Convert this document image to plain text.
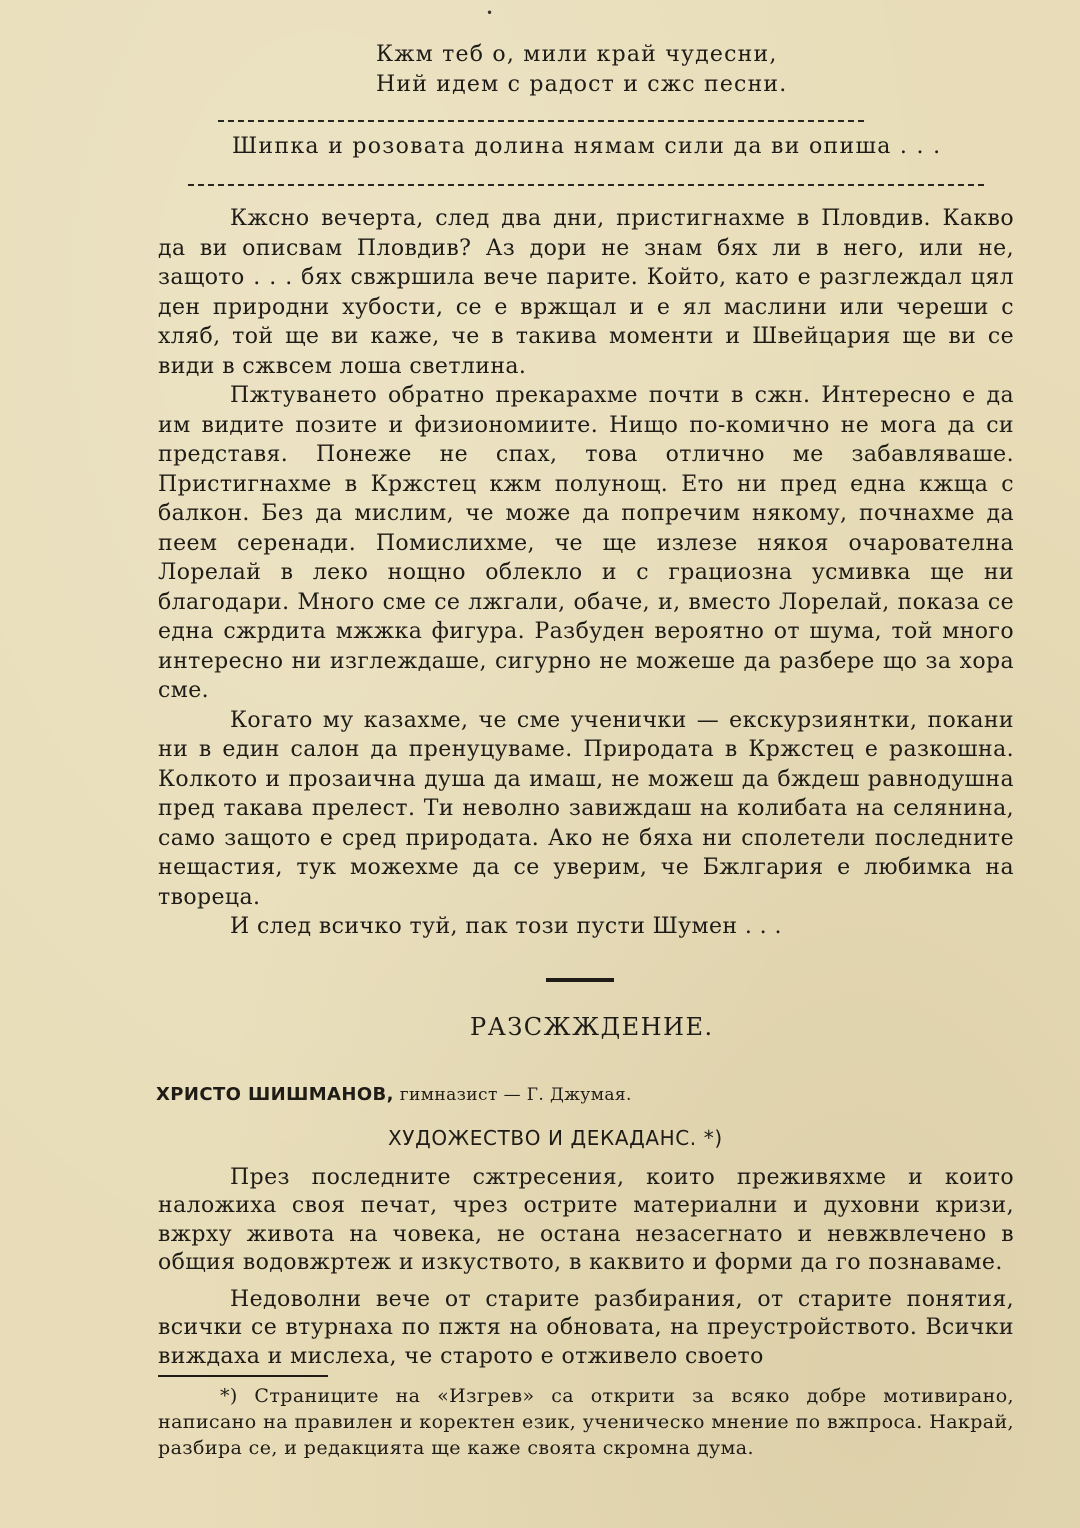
•
Кжм теб о, мили край чудесни,
Ний идем с радост и сжс песни.
Шипка и розовата долина нямам сили да ви опиша . . .

Кжсно вечерта, след два дни, пристигнахме в Пловдив. Какво да ви описвам Пловдив? Аз дори не знам бях ли в него, или не, защото . . . бях свжршила вече парите. Който, като е разглеждал цял ден природни хубости, се е вржщал и е ял маслини или череши с хляб, той ще ви каже, че в такива моменти и Швейцария ще ви се види в сжвсем лоша светлина.

Пжтуването обратно прекарахме почти в сжн. Интересно е да им видите позите и физиономиите. Нищо по-комично не мога да си представя. Понеже не спах, това отлично ме забавляваше. Пристигнахме в Кржстец кжм полунощ. Ето ни пред една кжща с балкон. Без да мислим, че може да попречим някому, почнахме да пеем серенади. Помислихме, че ще излезе някоя очарователна Лорелай в леко нощно облекло и с грациозна усмивка ще ни благодари. Много сме се лжгали, обаче, и, вместо Лорелай, показа се една сжрдита мжжка фигура. Разбуден вероятно от шума, той много интересно ни изглеждаше, сигурно не можеше да разбере що за хора сме.

Когато му казахме, че сме ученички — екскурзиянтки, покани ни в един салон да пренуцуваме. Природата в Кржстец е разкошна. Колкото и прозаична душа да имаш, не можеш да бждеш равнодушна пред такава прелест. Ти неволно завиждаш на колибата на селянина, само защото е сред природата. Ако не бяха ни сполетели последните нещастия, тук можехме да се уверим, че Бжлгария е любимка на твореца.

И след всичко туй, пак този пусти Шумен . . .

РАЗСЖЖДЕНИЕ.
ХРИСТО ШИШМАНОВ, гимназист — Г. Джумая.
ХУДОЖЕСТВО И ДЕКАДАНС. *)

През последните сжтресения, които преживяхме и които наложиха своя печат, чрез острите материални и духовни кризи, вжрху живота на човека, не остана незасегнато и невжвлечено в общия водовжртеж и изкуството, в каквито и форми да го познаваме.

Недоволни вече от старите разбирания, от старите понятия, всички се втурнаха по пжтя на обновата, на преустройството. Всички виждаха и мислеха, че старото е отживело своето

*) Страниците на «Изгрев» са открити за всяко добре мотивирано, написано на правилен и коректен език, ученическо мнение по вжпроса. Накрай, разбира се, и редакцията ще каже своята скромна дума.
